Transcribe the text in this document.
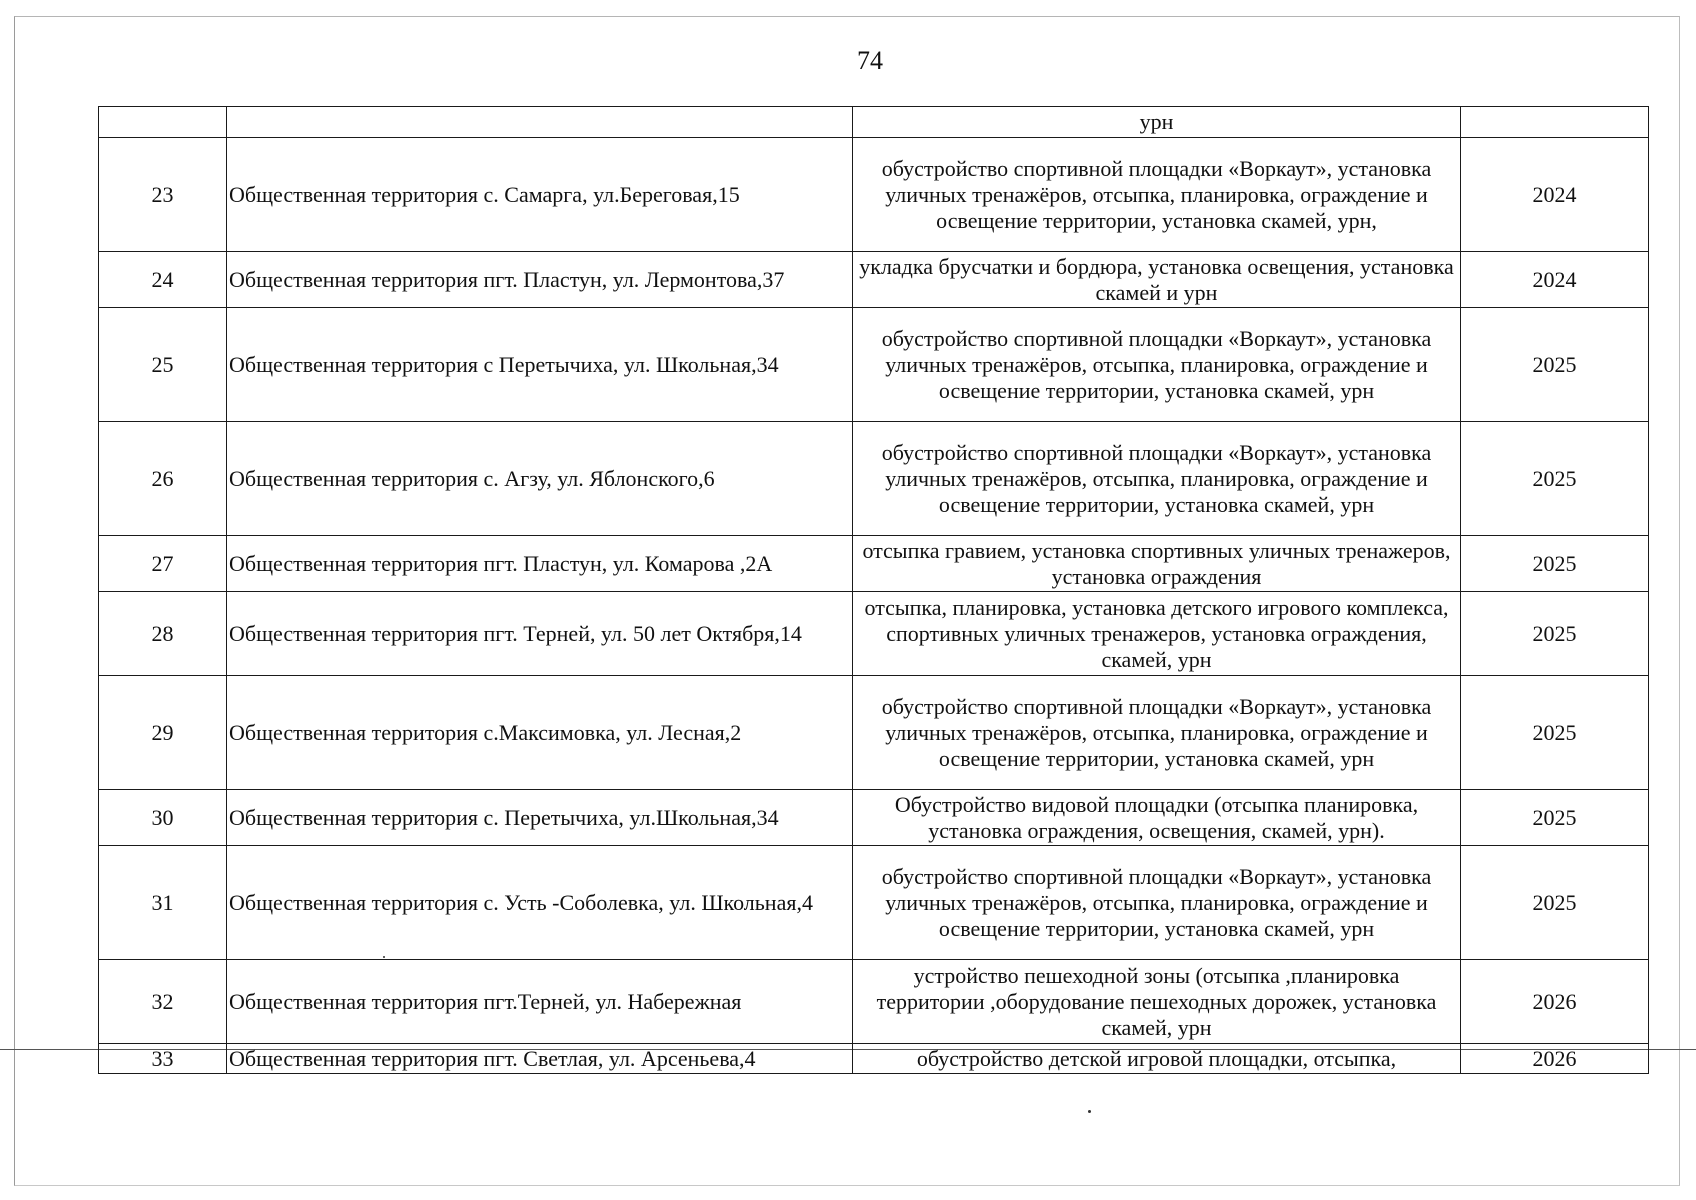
74
		урн	
23	Общественная территория с. Самарга, ул.Береговая,15	обустройство спортивной площадки «Воркаут», установка уличных тренажёров, отсыпка, планировка, ограждение и освещение территории, установка скамей, урн,	2024
24	Общественная территория пгт. Пластун, ул. Лермонтова,37	укладка брусчатки и бордюра, установка освещения, установка скамей и урн	2024
25	Общественная территория с Перетычиха, ул. Школьная,34	обустройство спортивной площадки «Воркаут», установка уличных тренажёров, отсыпка, планировка, ограждение и освещение территории, установка скамей, урн	2025
26	Общественная территория с. Агзу, ул. Яблонского,6	обустройство спортивной площадки «Воркаут», установка уличных тренажёров, отсыпка, планировка, ограждение и освещение территории, установка скамей, урн	2025
27	Общественная территория пгт. Пластун, ул. Комарова ,2А	отсыпка гравием, установка спортивных уличных тренажеров, установка ограждения	2025
28	Общественная территория пгт. Терней, ул. 50 лет Октября,14	отсыпка, планировка, установка детского игрового комплекса, спортивных уличных тренажеров, установка ограждения, скамей, урн	2025
29	Общественная территория с.Максимовка, ул. Лесная,2	обустройство спортивной площадки «Воркаут», установка уличных тренажёров, отсыпка, планировка, ограждение и освещение территории, установка скамей, урн	2025
30	Общественная территория с. Перетычиха, ул.Школьная,34	Обустройство видовой площадки (отсыпка планировка, установка ограждения, освещения, скамей, урн).	2025
31	Общественная территория с. Усть -Соболевка, ул. Школьная,4	обустройство спортивной площадки «Воркаут», установка уличных тренажёров, отсыпка, планировка, ограждение и освещение территории, установка скамей, урн	2025
32	Общественная территория пгт.Терней, ул. Набережная	устройство пешеходной зоны (отсыпка ,планировка территории ,оборудование пешеходных дорожек, установка скамей, урн	2026
33	Общественная территория пгт. Светлая, ул. Арсеньева,4	обустройство детской игровой площадки, отсыпка,	2026
